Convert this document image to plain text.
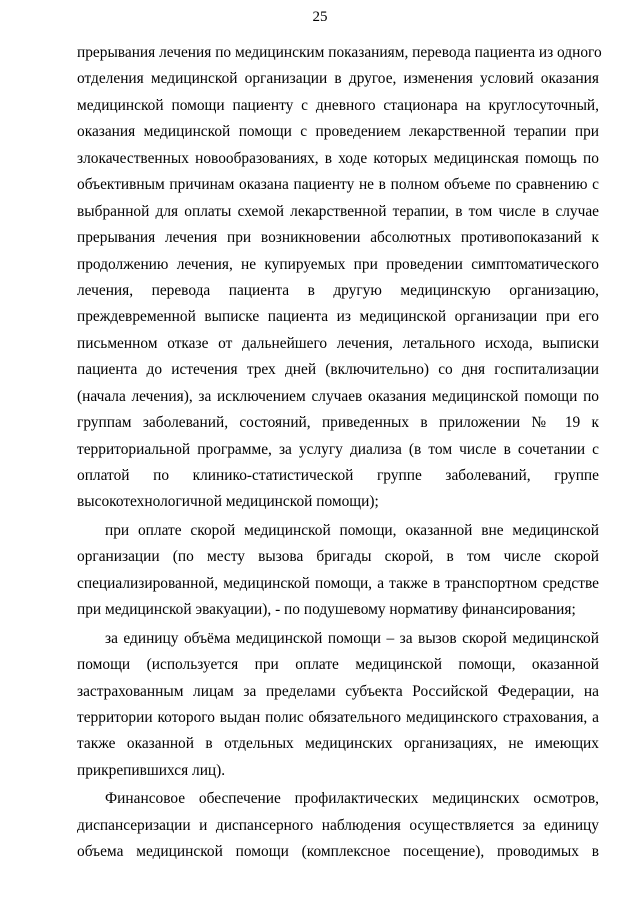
25
прерывания лечения по медицинским показаниям, перевода пациента из одного
отделения медицинской организации в другое, изменения условий оказания
медицинской помощи пациенту с дневного стационара на круглосуточный,
оказания медицинской помощи с проведением лекарственной терапии при
злокачественных новообразованиях, в ходе которых медицинская помощь по
объективным причинам оказана пациенту не в полном объеме по сравнению с
выбранной для оплаты схемой лекарственной терапии, в том числе в случае
прерывания лечения при возникновении абсолютных противопоказаний к
продолжению лечения, не купируемых при проведении симптоматического
лечения, перевода пациента в другую медицинскую организацию,
преждевременной выписке пациента из медицинской организации при его
письменном отказе от дальнейшего лечения, летального исхода, выписки
пациента до истечения трех дней (включительно) со дня госпитализации
(начала лечения), за исключением случаев оказания медицинской помощи по
группам заболеваний, состояний, приведенных в приложении № 19 к
территориальной программе, за услугу диализа (в том числе в сочетании с
оплатой по клинико-статистической группе заболеваний, группе
высокотехнологичной медицинской помощи);
при оплате скорой медицинской помощи, оказанной вне медицинской
организации (по месту вызова бригады скорой, в том числе скорой
специализированной, медицинской помощи, а также в транспортном средстве
при медицинской эвакуации), - по подушевому нормативу финансирования;
за единицу объёма медицинской помощи – за вызов скорой медицинской
помощи (используется при оплате медицинской помощи, оказанной
застрахованным лицам за пределами субъекта Российской Федерации, на
территории которого выдан полис обязательного медицинского страхования, а
также оказанной в отдельных медицинских организациях, не имеющих
прикрепившихся лиц).
Финансовое обеспечение профилактических медицинских осмотров,
диспансеризации и диспансерного наблюдения осуществляется за единицу
объема медицинской помощи (комплексное посещение), проводимых в
